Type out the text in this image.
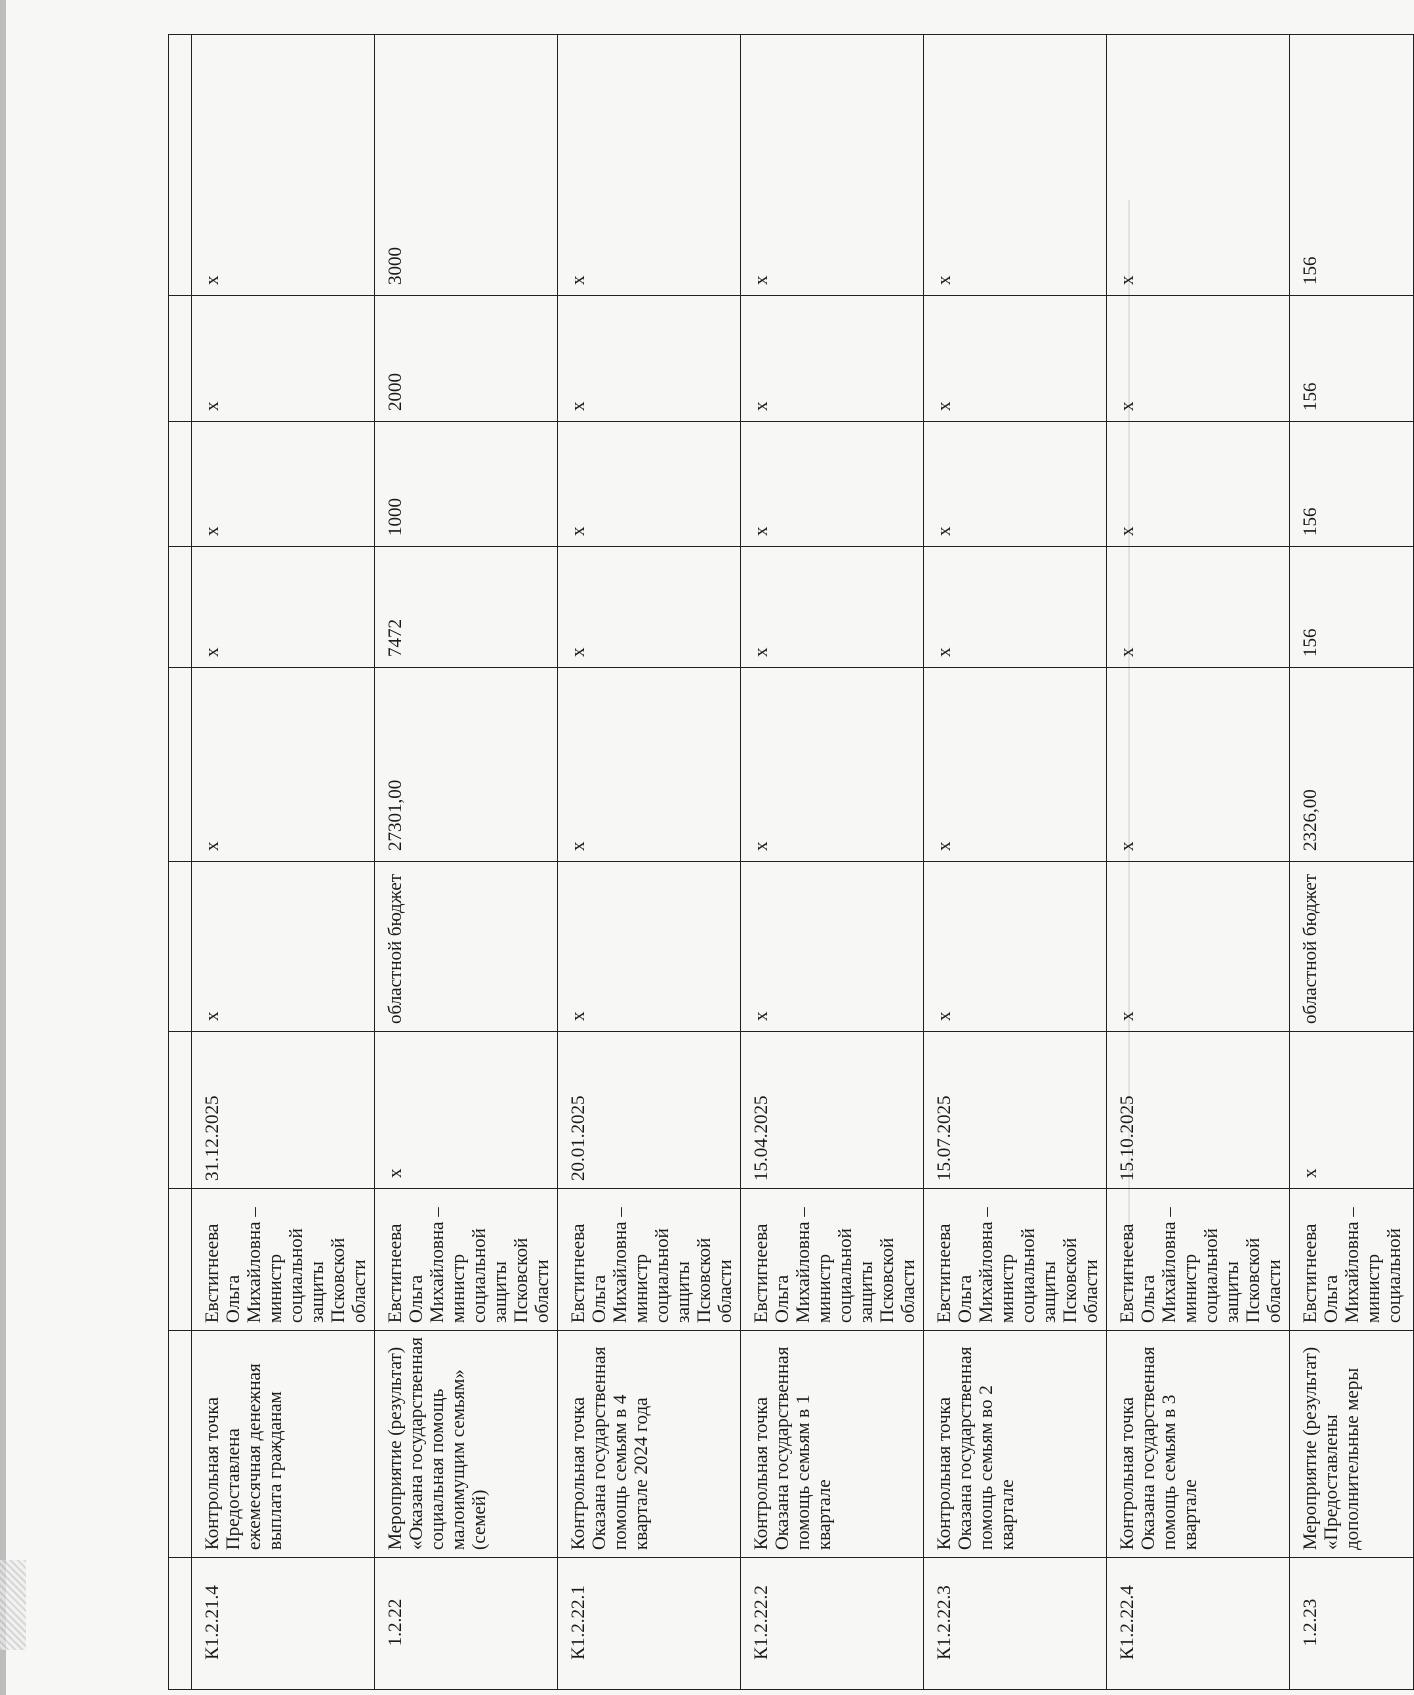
К1.2.21.4	Контрольная точка Предоставлена ежемесячная денежная выплата гражданам	Евстигнеева Ольга Михайловна – министр социальной защиты Псковской области	31.12.2025	x	x	x	x	x	x
1.2.22	Мероприятие (результат) «Оказана государственная социальная помощь малоимущим семьям» (семей)	Евстигнеева Ольга Михайловна – министр социальной защиты Псковской области	x	областной бюджет	27301,00	7472	1000	2000	3000
К1.2.22.1	Контрольная точка Оказана государственная помощь семьям в 4 квартале 2024 года	Евстигнеева Ольга Михайловна – министр социальной защиты Псковской области	20.01.2025	x	x	x	x	x	x
К1.2.22.2	Контрольная точка Оказана государственная помощь семьям в 1 квартале	Евстигнеева Ольга Михайловна – министр социальной защиты Псковской области	15.04.2025	x	x	x	x	x	x
К1.2.22.3	Контрольная точка Оказана государственная помощь семьям во 2 квартале	Евстигнеева Ольга Михайловна – министр социальной защиты Псковской области	15.07.2025	x	x	x	x	x	x
К1.2.22.4	Контрольная точка Оказана государственная помощь семьям в 3 квартале	Евстигнеева Ольга Михайловна – министр социальной защиты Псковской области	15.10.2025	x	x	x	x	x	x
1.2.23	Мероприятие (результат) «Предоставлены дополнительные меры	Евстигнеева Ольга Михайловна – министр социальной	x	областной бюджет	2326,00	156	156	156	156
